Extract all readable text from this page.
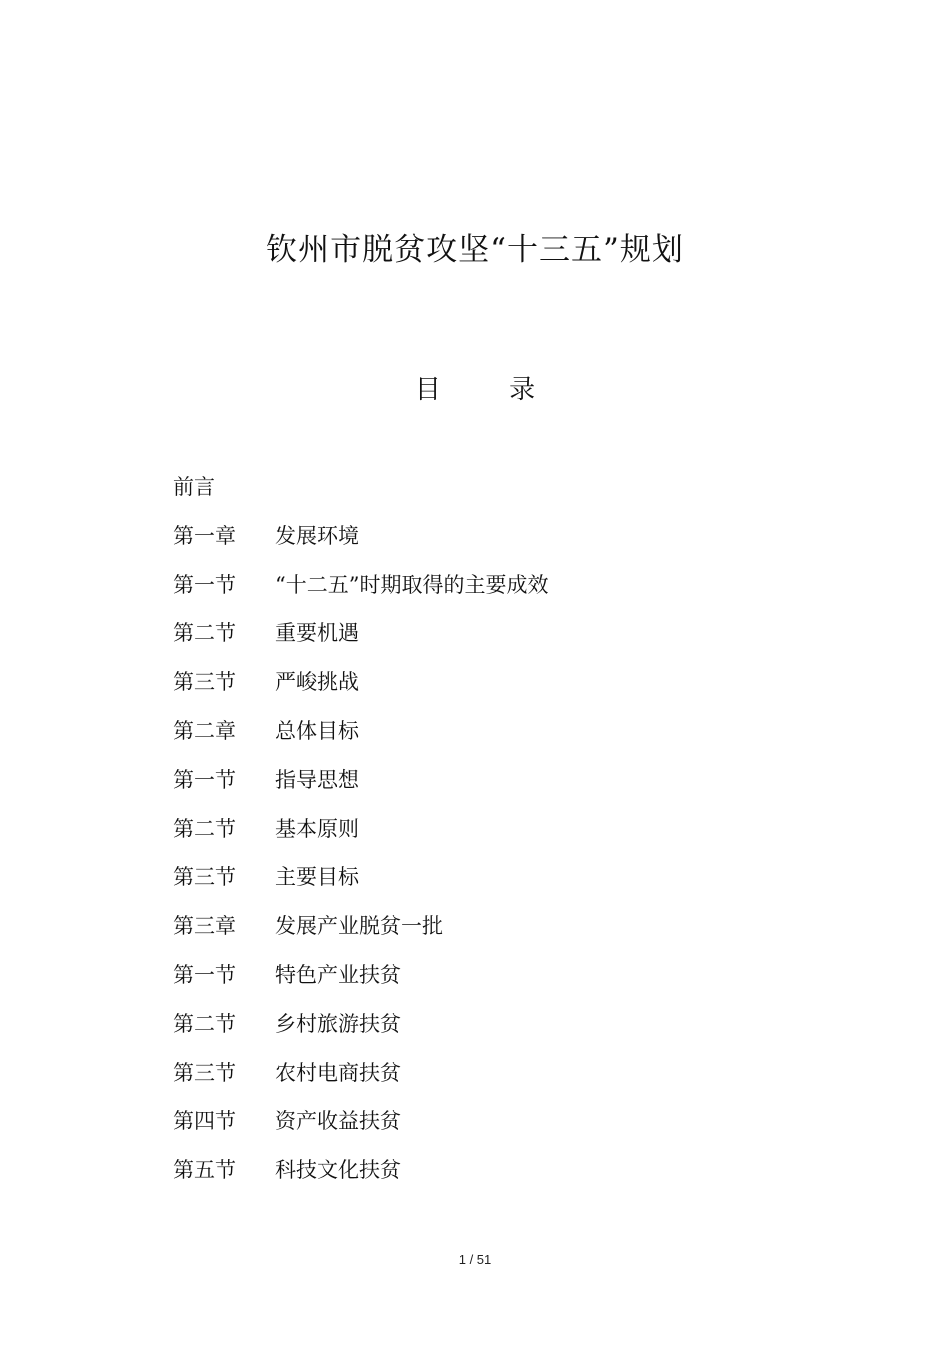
钦州市脱贫攻坚“十三五”规划
目 录
前言
第一章	发展环境
第一节	“十二五”时期取得的主要成效
第二节	重要机遇
第三节	严峻挑战
第二章	总体目标
第一节	指导思想
第二节	基本原则
第三节	主要目标
第三章	发展产业脱贫一批
第一节	特色产业扶贫
第二节	乡村旅游扶贫
第三节	农村电商扶贫
第四节	资产收益扶贫
第五节	科技文化扶贫
1 / 51
